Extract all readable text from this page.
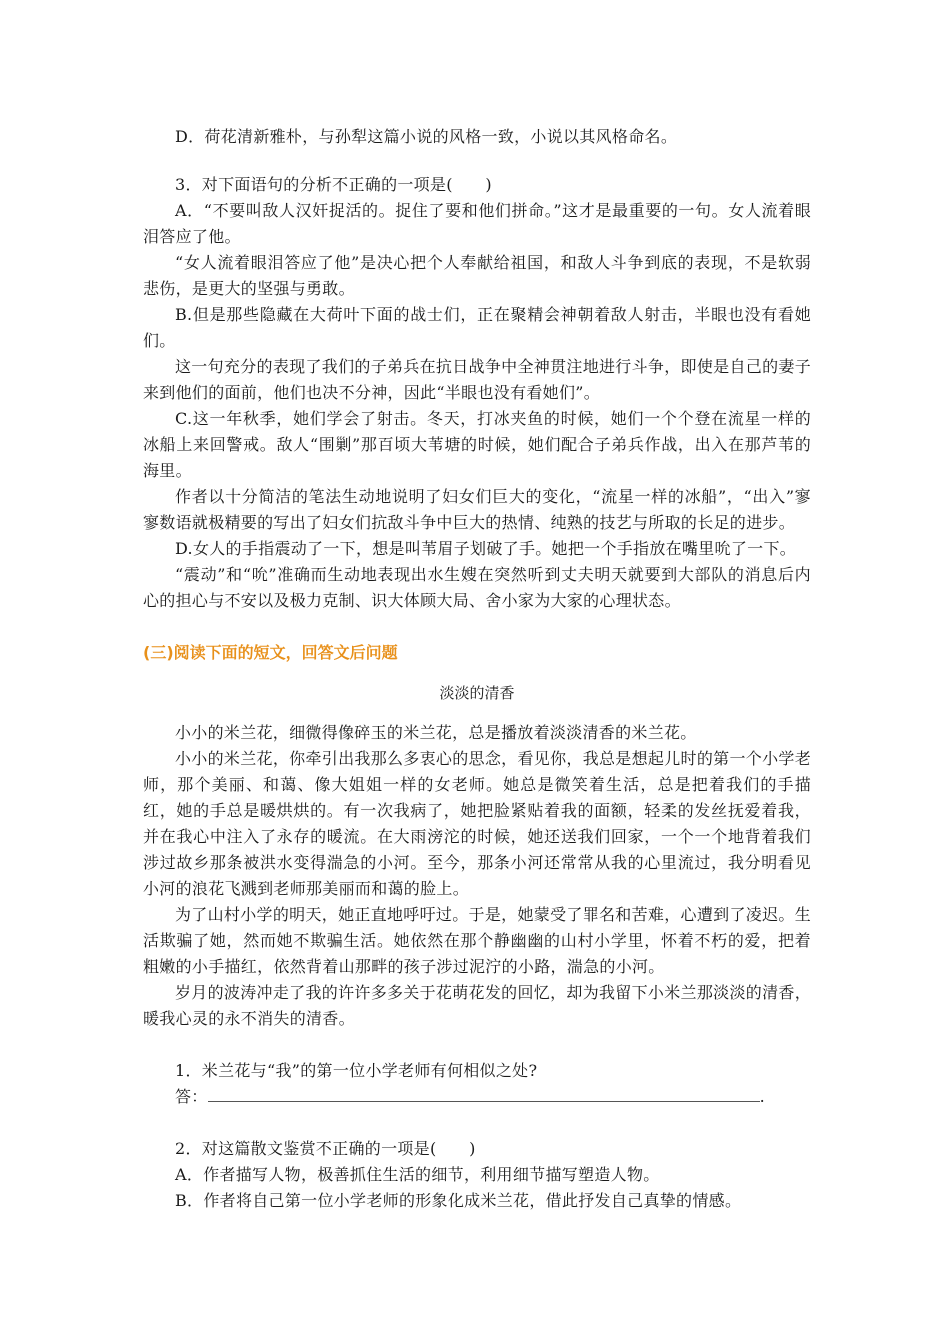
D．荷花清新雅朴，与孙犁这篇小说的风格一致，小说以其风格命名。

3．对下面语句的分析不正确的一项是(　　)

A．“不要叫敌人汉奸捉活的。捉住了要和他们拼命。”这才是最重要的一句。女人流着眼泪答应了他。

“女人流着眼泪答应了他”是决心把个人奉献给祖国，和敌人斗争到底的表现，不是软弱悲伤，是更大的坚强与勇敢。

B.但是那些隐藏在大荷叶下面的战士们，正在聚精会神朝着敌人射击，半眼也没有看她们。

这一句充分的表现了我们的子弟兵在抗日战争中全神贯注地进行斗争，即使是自己的妻子来到他们的面前，他们也决不分神，因此“半眼也没有看她们”。

C.这一年秋季，她们学会了射击。冬天，打冰夹鱼的时候，她们一个个登在流星一样的冰船上来回警戒。敌人“围剿”那百顷大苇塘的时候，她们配合子弟兵作战，出入在那芦苇的海里。

作者以十分简洁的笔法生动地说明了妇女们巨大的变化，“流星一样的冰船”，“出入”寥寥数语就极精要的写出了妇女们抗敌斗争中巨大的热情、纯熟的技艺与所取的长足的进步。

D.女人的手指震动了一下，想是叫苇眉子划破了手。她把一个手指放在嘴里吮了一下。

“震动”和“吮”准确而生动地表现出水生嫂在突然听到丈夫明天就要到大部队的消息后内心的担心与不安以及极力克制、识大体顾大局、舍小家为大家的心理状态。

(三)阅读下面的短文，回答文后问题

淡淡的清香

小小的米兰花，细微得像碎玉的米兰花，总是播放着淡淡清香的米兰花。

小小的米兰花，你牵引出我那么多衷心的思念，看见你，我总是想起儿时的第一个小学老师，那个美丽、和蔼、像大姐姐一样的女老师。她总是微笑着生活，总是把着我们的手描红，她的手总是暖烘烘的。有一次我病了，她把脸紧贴着我的面额，轻柔的发丝抚爱着我，并在我心中注入了永存的暖流。在大雨滂沱的时候，她还送我们回家，一个一个地背着我们涉过故乡那条被洪水变得湍急的小河。至今，那条小河还常常从我的心里流过，我分明看见小河的浪花飞溅到老师那美丽而和蔼的脸上。

为了山村小学的明天，她正直地呼吁过。于是，她蒙受了罪名和苦难，心遭到了凌迟。生活欺骗了她，然而她不欺骗生活。她依然在那个静幽幽的山村小学里，怀着不朽的爱，把着粗嫩的小手描红，依然背着山那畔的孩子涉过泥泞的小路，湍急的小河。

岁月的波涛冲走了我的许许多多关于花萌花发的回忆，却为我留下小米兰那淡淡的清香，暖我心灵的永不消失的清香。

1．米兰花与“我”的第一位小学老师有何相似之处?

答：	.

2．对这篇散文鉴赏不正确的一项是(　　)

A．作者描写人物，极善抓住生活的细节，利用细节描写塑造人物。

B．作者将自己第一位小学老师的形象化成米兰花，借此抒发自己真挚的情感。
